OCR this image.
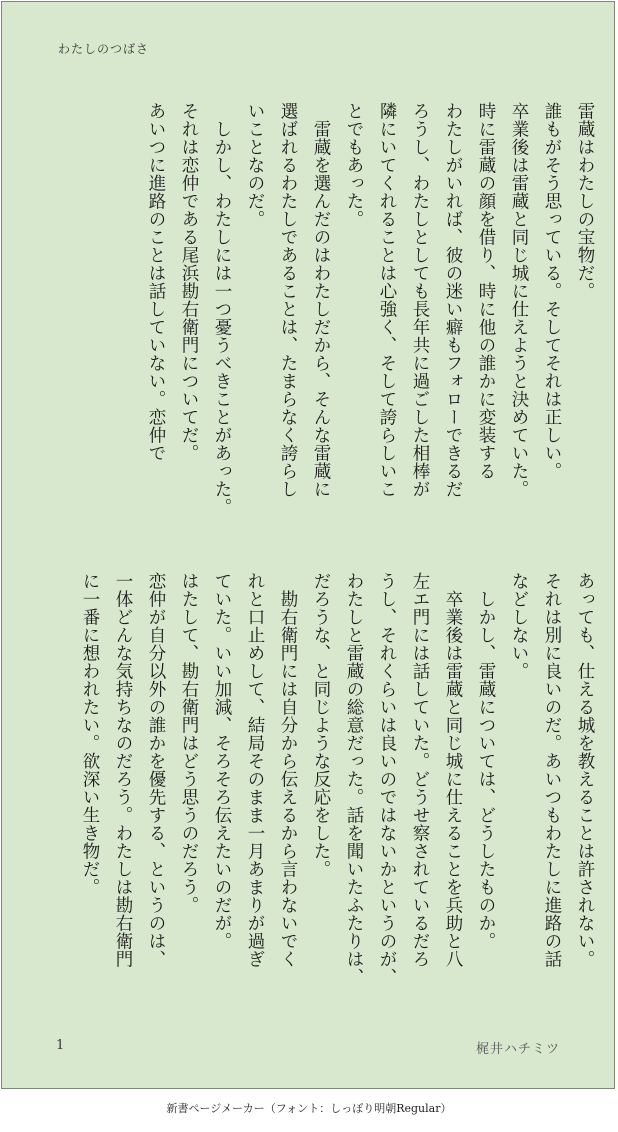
わたしのつばさ

雷蔵はわたしの宝物だ。

誰もがそう思っている。そしてそれは正しい。

卒業後は雷蔵と同じ城に仕えようと決めていた。

時に雷蔵の顔を借り、時に他の誰かに変装する

わたしがいれば、彼の迷い癖もフォローできるだ

ろうし、わたしとしても長年共に過ごした相棒が

隣にいてくれることは心強く、そして誇らしいこ

とでもあった。

　雷蔵を選んだのはわたしだから、そんな雷蔵に

選ばれるわたしであることは、たまらなく誇らし

いことなのだ。

　しかし、わたしには一つ憂うべきことがあった。

それは恋仲である尾浜勘右衛門についてだ。

あいつに進路のことは話していない。恋仲で

あっても、仕える城を教えることは許されない。

それは別に良いのだ。あいつもわたしに進路の話

などしない。

　しかし、雷蔵については、どうしたものか。

　卒業後は雷蔵と同じ城に仕えることを兵助と八

左エ門には話していた。どうせ察されているだろ

うし、それくらいは良いのではないかというのが、

わたしと雷蔵の総意だった。話を聞いたふたりは、

だろうな、と同じような反応をした。

　勘右衛門には自分から伝えるから言わないでく

れと口止めして、結局そのまま一月あまりが過ぎ

ていた。いい加減、そろそろ伝えたいのだが。

はたして、勘右衛門はどう思うのだろう。

恋仲が自分以外の誰かを優先する、というのは、

一体どんな気持ちなのだろう。わたしは勘右衛門

に一番に想われたい。欲深い生き物だ。

1	梶井ハチミツ
新書ページメーカー（フォント：しっぽり明朝Regular）
